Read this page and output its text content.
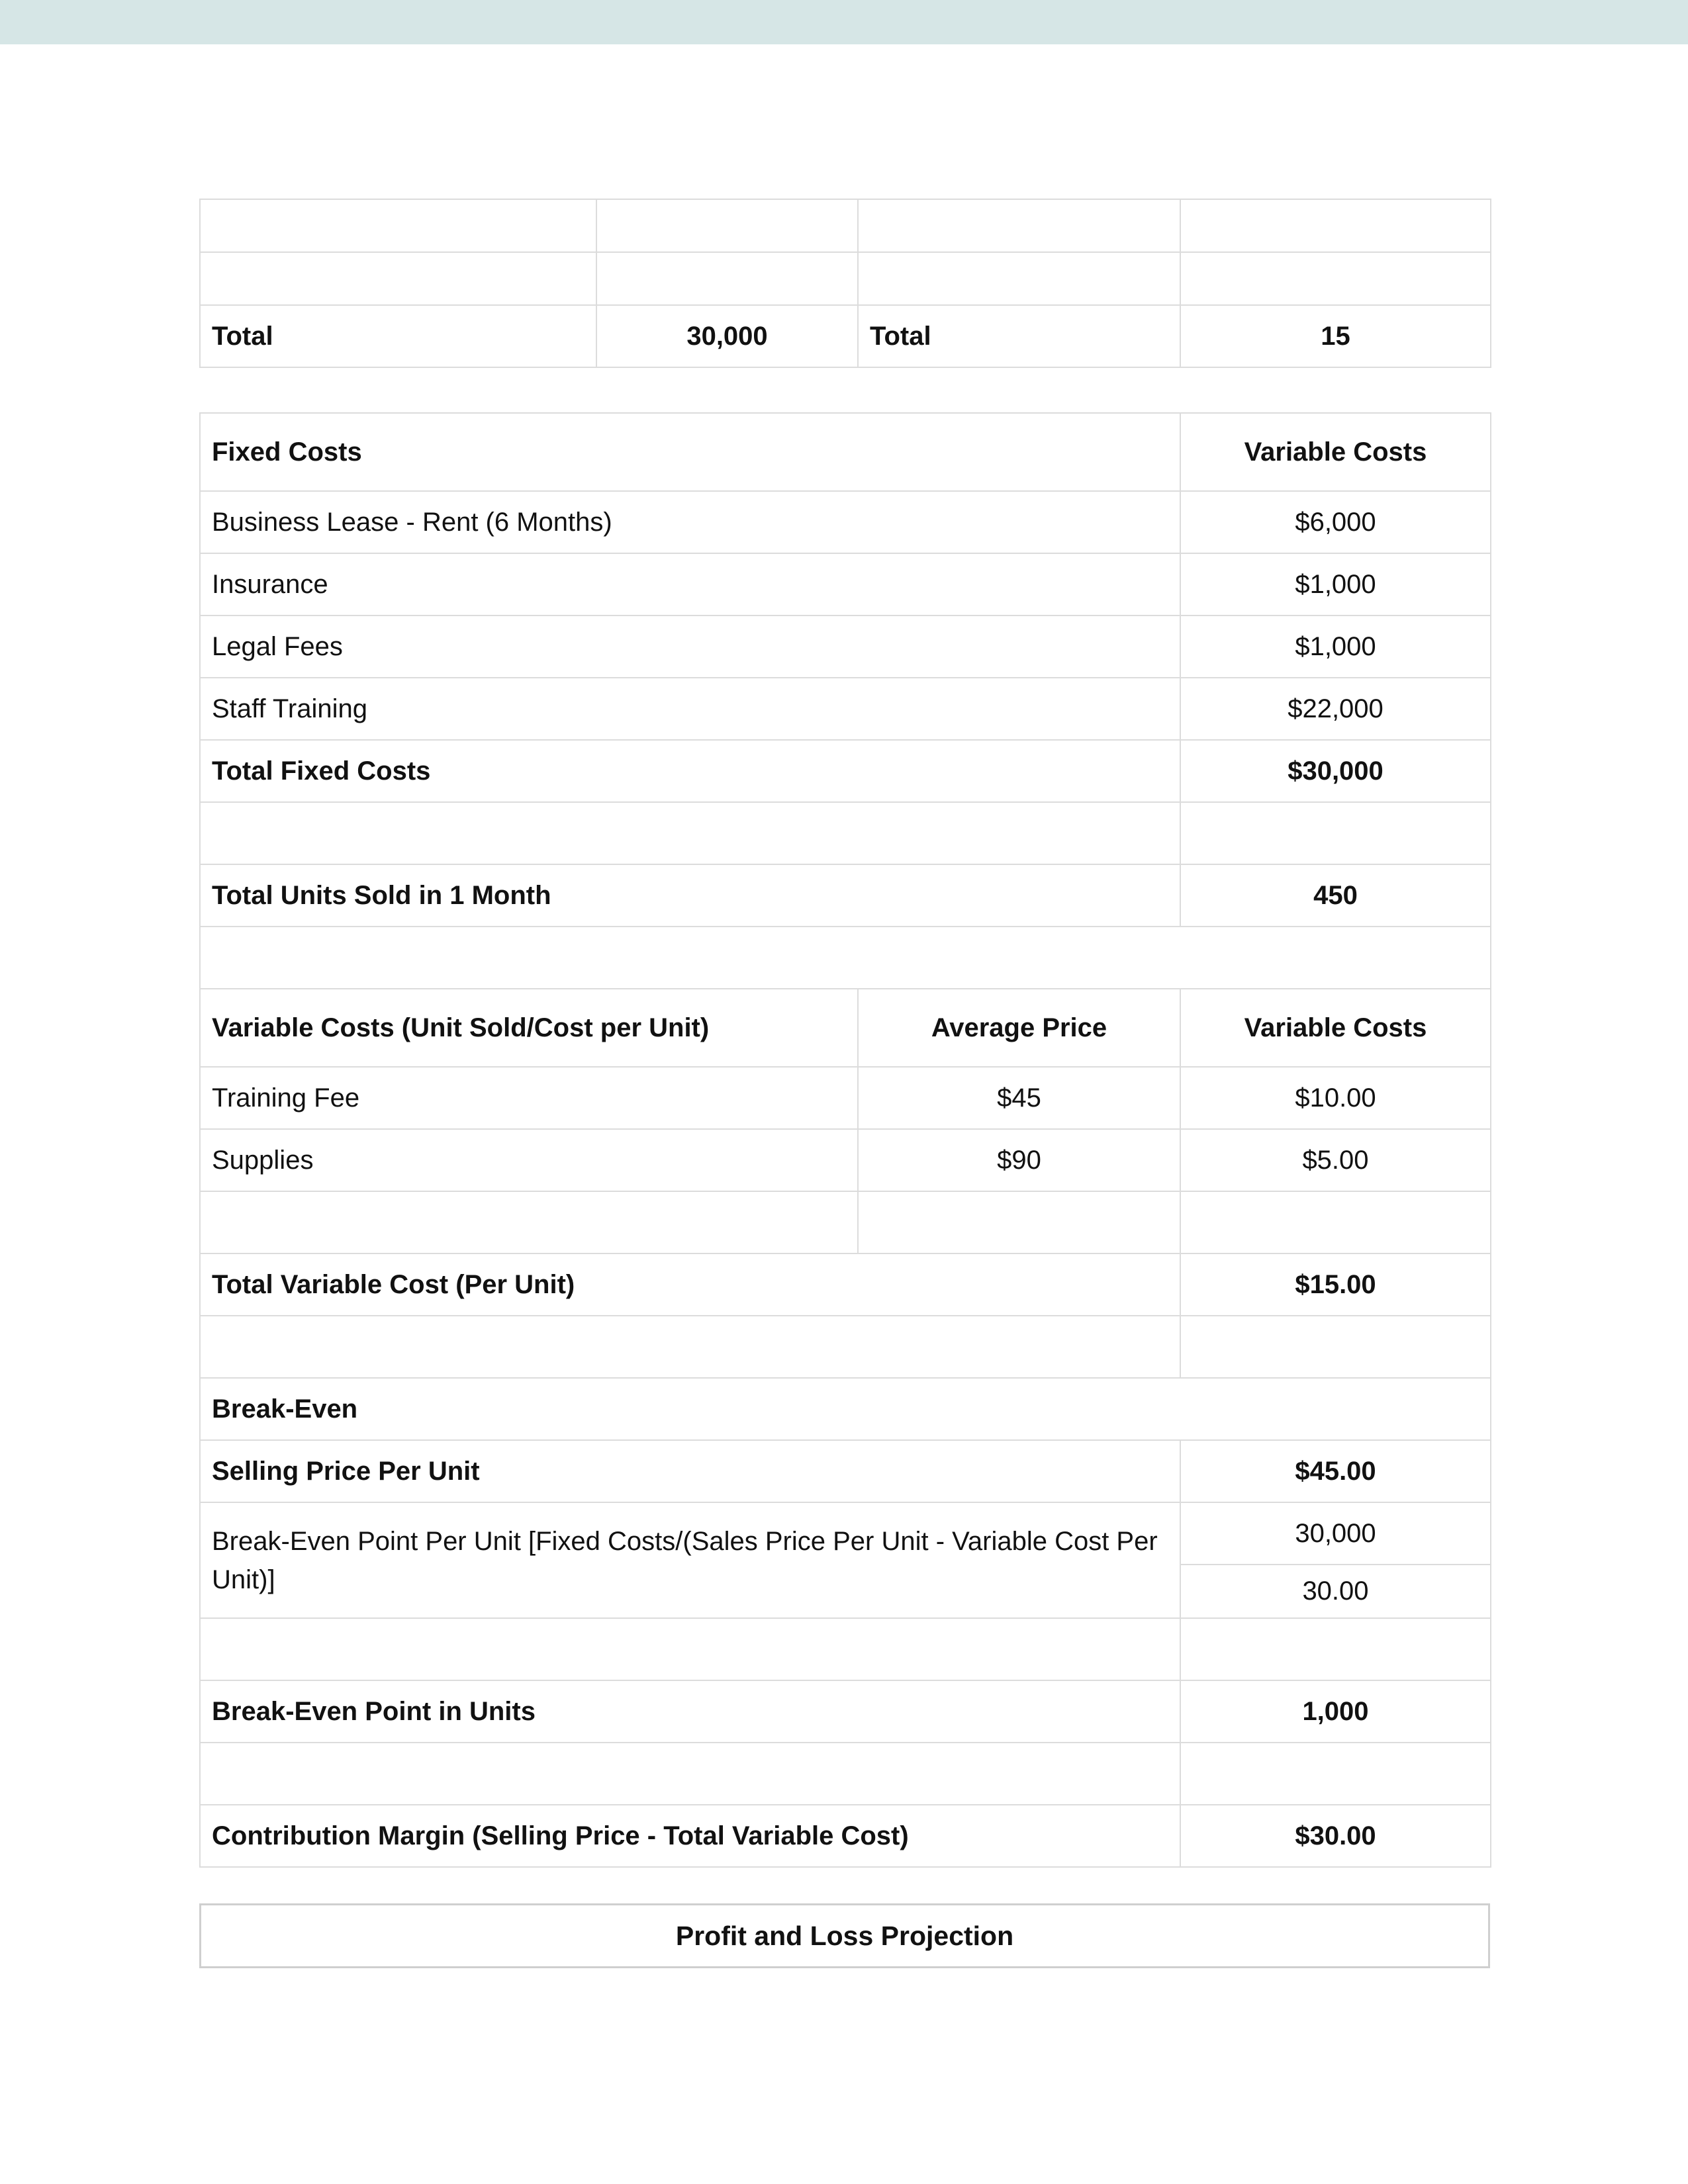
Total	30,000	Total	15
Fixed Costs		Variable Costs
Business Lease - Rent (6 Months)		$6,000
Insurance		$1,000
Legal Fees		$1,000
Staff Training		$22,000
Total Fixed Costs		$30,000

Total Units Sold in 1 Month		450

Variable Costs (Unit Sold/Cost per Unit)	Average Price	Variable Costs
Training Fee	$45	$10.00
Supplies	$90	$5.00

Total Variable Cost (Per Unit)		$15.00

Break-Even		
Selling Price Per Unit		$45.00
Break-Even Point Per Unit [Fixed Costs/(Sales Price Per Unit - Variable Cost Per Unit)]		30,000
		30.00

Break-Even Point in Units		1,000

Contribution Margin (Selling Price - Total Variable Cost)		$30.00
Profit and Loss Projection
